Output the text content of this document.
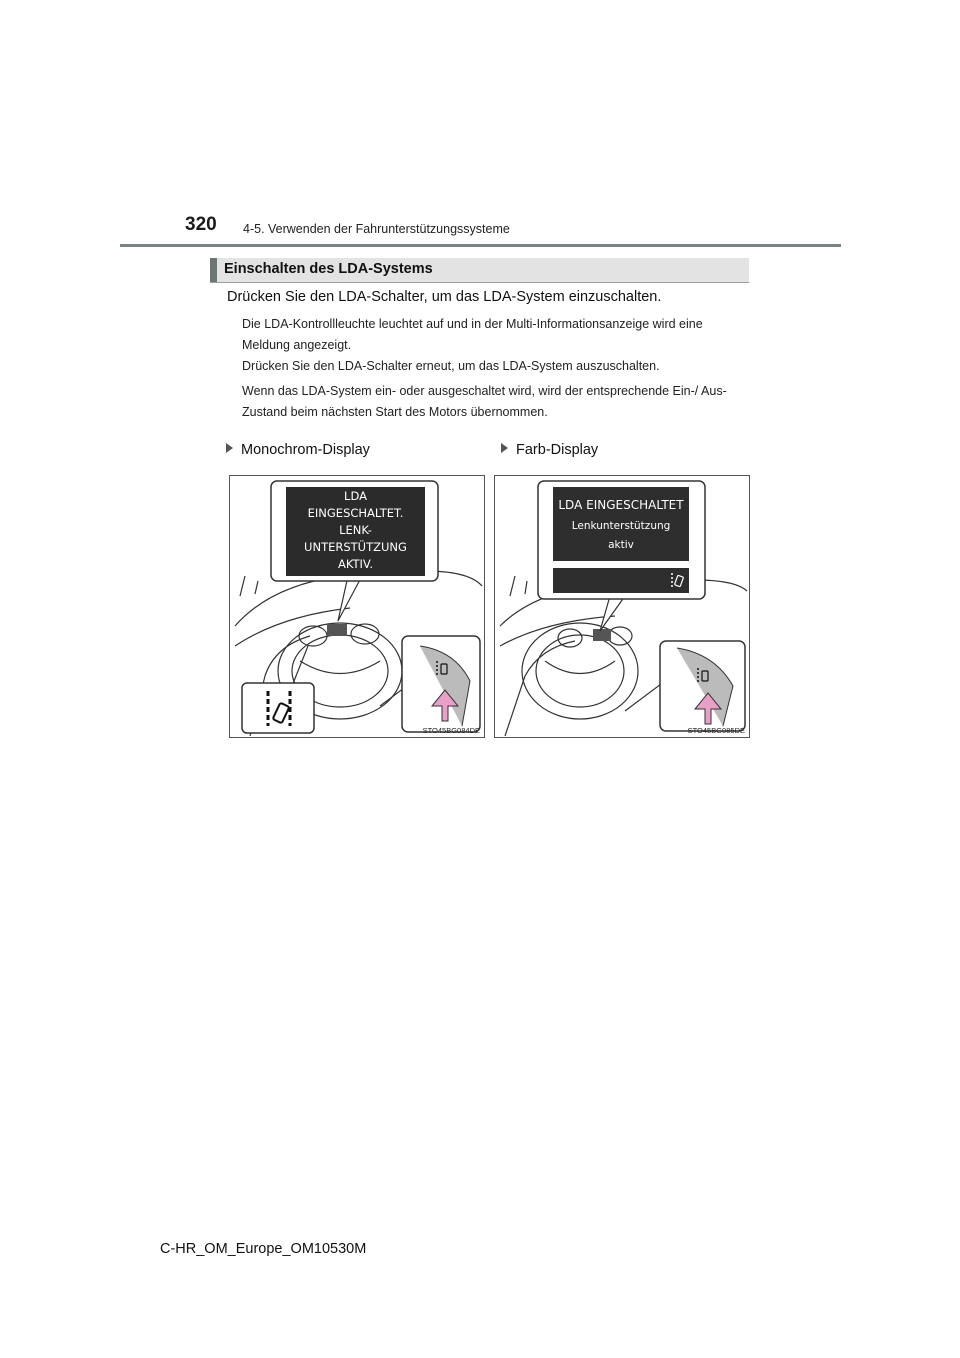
320 4-5. Verwenden der Fahrunterstützungssysteme
Einschalten des LDA-Systems
Drücken Sie den LDA-Schalter, um das LDA-System einzuschalten.
Die LDA-Kontrollleuchte leuchtet auf und in der Multi-Informationsanzeige wird eine Meldung angezeigt.
Drücken Sie den LDA-Schalter erneut, um das LDA-System auszuschalten.
Wenn das LDA-System ein- oder ausgeschaltet wird, wird der entsprechende Ein-/ Aus-Zustand beim nächsten Start des Motors übernommen.
Monochrom-Display	Farb-Display
LDA
EINGESCHALTET.
LENK-
UNTERSTÜTZUNG
AKTIV.
STO45BG084DE
LDA EINGESCHALTET
Lenkunterstützung
aktiv
STO45BG085DE
C-HR_OM_Europe_OM10530M
